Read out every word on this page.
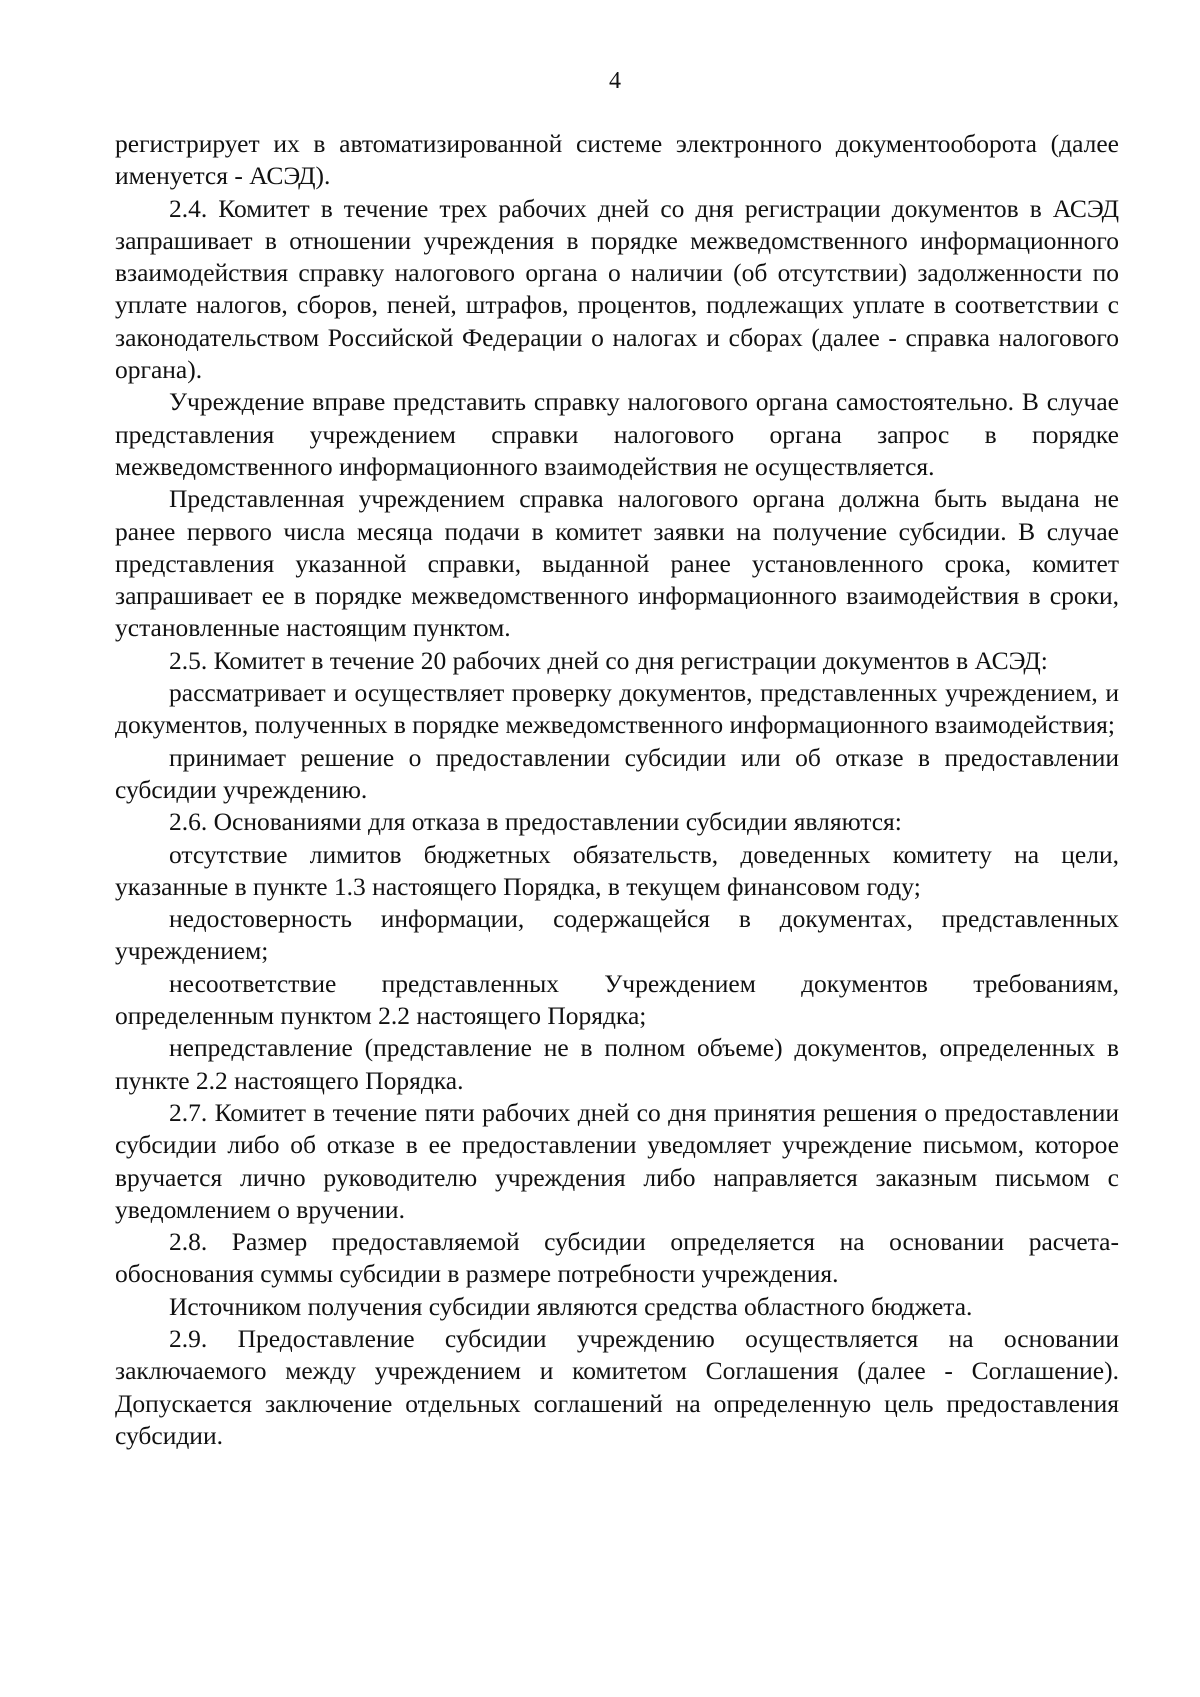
4

регистрирует их в автоматизированной системе электронного документооборота (далее именуется - АСЭД).

2.4. Комитет в течение трех рабочих дней со дня регистрации документов в АСЭД запрашивает в отношении учреждения в порядке межведомственного информационного взаимодействия справку налогового органа о наличии (об отсутствии) задолженности по уплате налогов, сборов, пеней, штрафов, процентов, подлежащих уплате в соответствии с законодательством Российской Федерации о налогах и сборах (далее - справка налогового органа).

Учреждение вправе представить справку налогового органа самостоятельно. В случае представления учреждением справки налогового органа запрос в порядке межведомственного информационного взаимодействия не осуществляется.

Представленная учреждением справка налогового органа должна быть выдана не ранее первого числа месяца подачи в комитет заявки на получение субсидии. В случае представления указанной справки, выданной ранее установленного срока, комитет запрашивает ее в порядке межведомственного информационного взаимодействия в сроки, установленные настоящим пунктом.

2.5. Комитет в течение 20 рабочих дней со дня регистрации документов в АСЭД:

рассматривает и осуществляет проверку документов, представленных учреждением, и документов, полученных в порядке межведомственного информационного взаимодействия;

принимает решение о предоставлении субсидии или об отказе в предоставлении субсидии учреждению.

2.6. Основаниями для отказа в предоставлении субсидии являются:

отсутствие лимитов бюджетных обязательств, доведенных комитету на цели, указанные в пункте 1.3 настоящего Порядка, в текущем финансовом году;

недостоверность информации, содержащейся в документах, представленных учреждением;

несоответствие представленных Учреждением документов требованиям, определенным пунктом 2.2 настоящего Порядка;

непредставление (представление не в полном объеме) документов, определенных в пункте 2.2 настоящего Порядка.

2.7. Комитет в течение пяти рабочих дней со дня принятия решения о предоставлении субсидии либо об отказе в ее предоставлении уведомляет учреждение письмом, которое вручается лично руководителю учреждения либо направляется заказным письмом с уведомлением о вручении.

2.8. Размер предоставляемой субсидии определяется на основании расчета-обоснования суммы субсидии в размере потребности учреждения.

Источником получения субсидии являются средства областного бюджета.

2.9. Предоставление субсидии учреждению осуществляется на основании заключаемого между учреждением и комитетом Соглашения (далее - Соглашение). Допускается заключение отдельных соглашений на определенную цель предоставления субсидии.
